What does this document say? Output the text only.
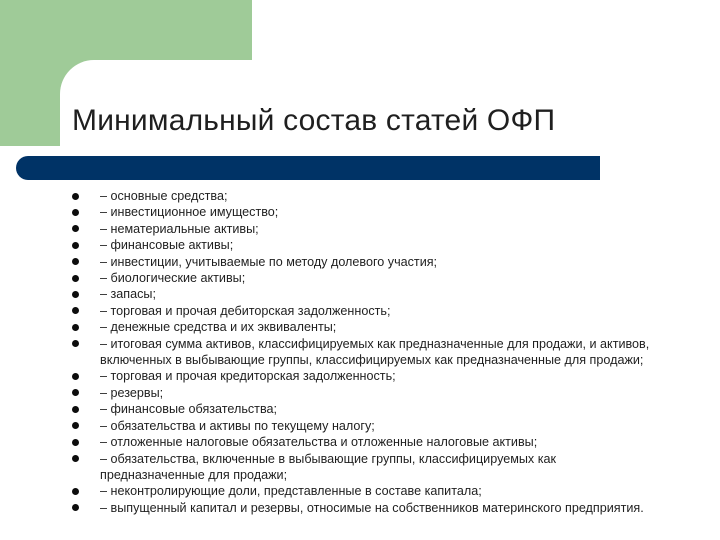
Минимальный состав статей ОФП
– основные средства;
– инвестиционное имущество;
– нематериальные активы;
– финансовые активы;
– инвестиции, учитываемые по методу долевого участия;
– биологические активы;
– запасы;
– торговая и прочая дебиторская задолженность;
– денежные средства и их эквиваленты;
– итоговая сумма активов, классифицируемых как предназначенные для продажи, и активов, включенных в выбывающие группы, классифицируемых как предназначенные для продажи;
– торговая и прочая кредиторская задолженность;
– резервы;
– финансовые обязательства;
– обязательства и активы по текущему налогу;
– отложенные налоговые обязательства и отложенные налоговые активы;
– обязательства, включенные в выбывающие группы, классифицируемых как предназначенные для продажи;
– неконтролирующие доли, представленные в составе капитала;
– выпущенный капитал и резервы, относимые на собственников материнского предприятия.
